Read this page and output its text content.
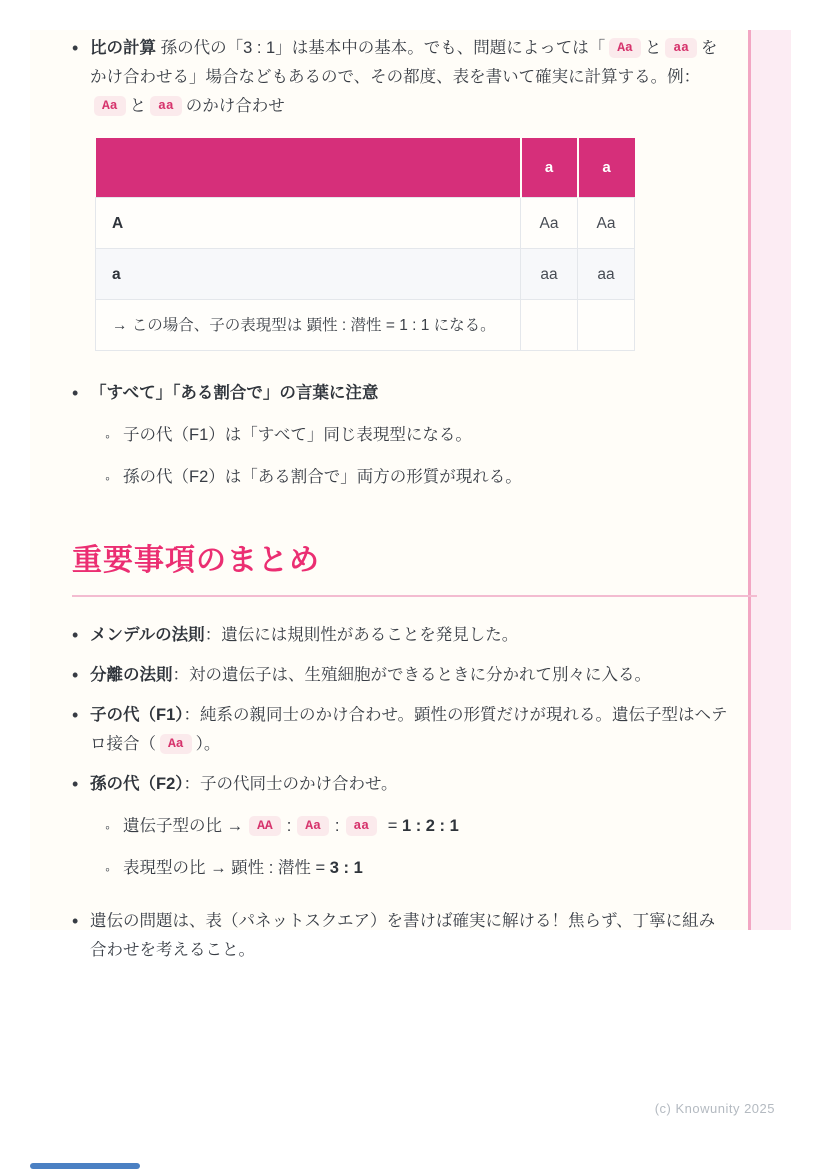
• 比の計算 孫の代の「3 : 1」は基本中の基本。でも、問題によっては「 Aa と aa をかけ合わせる」場合などもあるので、その都度、表を書いて確実に計算する。例：Aa と aa のかけ合わせ
	a	a
A	Aa	Aa
a	aa	aa
→ この場合、子の表現型は 顕性 : 潜性 = 1 : 1 になる。		
• 「すべて」「ある割合で」の言葉に注意
◦ 子の代（F1）は「すべて」同じ表現型になる。
◦ 孫の代（F2）は「ある割合で」両方の形質が現れる。
重要事項のまとめ
• メンデルの法則：遺伝には規則性があることを発見した。
• 分離の法則：対の遺伝子は、生殖細胞ができるときに分かれて別々に入る。
• 子の代（F1）：純系の親同士のかけ合わせ。顕性の形質だけが現れる。遺伝子型はヘテロ接合（ Aa ）。
• 孫の代（F2）：子の代同士のかけ合わせ。
◦ 遺伝子型の比 → AA : Aa : aa = 1 : 2 : 1
◦ 表現型の比 → 顕性 : 潜性 = 3 : 1
• 遺伝の問題は、表（パネットスクエア）を書けば確実に解ける！焦らず、丁寧に組み合わせを考えること。
(c) Knowunity 2025
